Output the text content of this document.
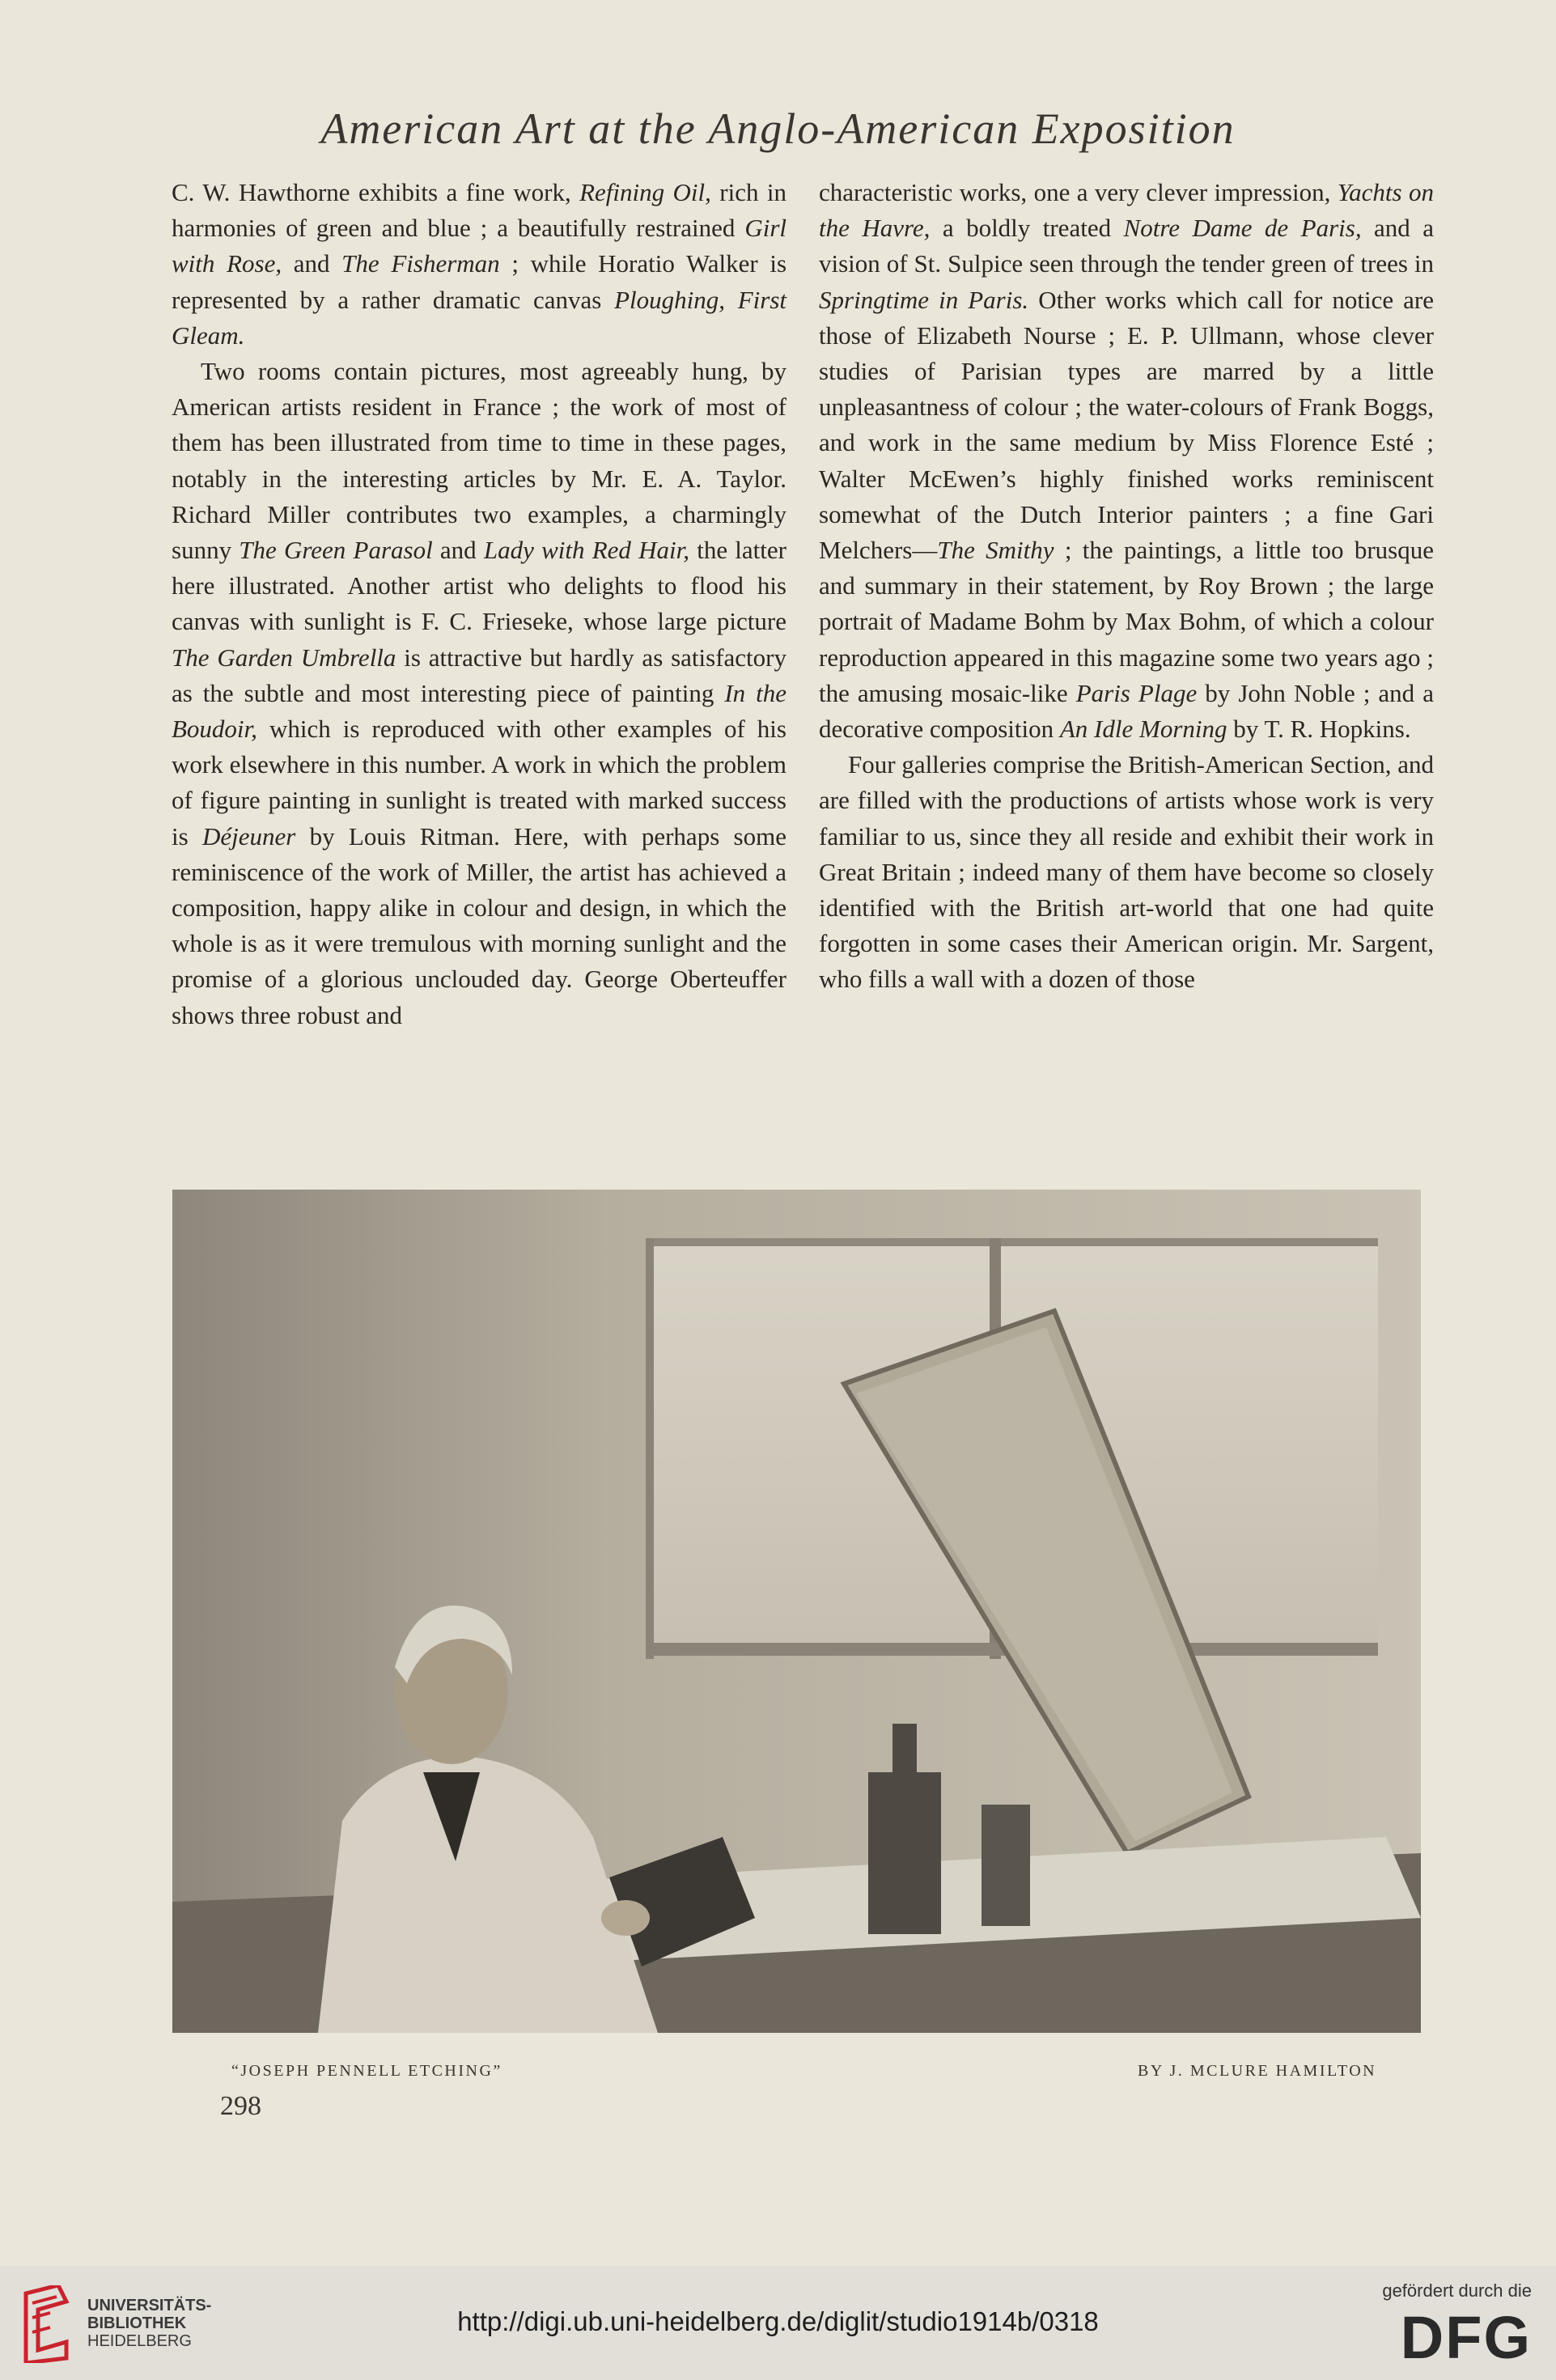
American Art at the Anglo-American Exposition

C. W. Hawthorne exhibits a fine work, Refining Oil, rich in harmonies of green and blue ; a beautifully restrained Girl with Rose, and The Fisherman ; while Horatio Walker is represented by a rather dramatic canvas Ploughing, First Gleam.

Two rooms contain pictures, most agreeably hung, by American artists resident in France ; the work of most of them has been illustrated from time to time in these pages, notably in the interesting articles by Mr. E. A. Taylor. Richard Miller contributes two examples, a charmingly sunny The Green Parasol and Lady with Red Hair, the latter here illustrated. Another artist who delights to flood his canvas with sunlight is F. C. Frieseke, whose large picture The Garden Umbrella is attractive but hardly as satisfactory as the subtle and most interesting piece of painting In the Boudoir, which is reproduced with other examples of his work elsewhere in this number. A work in which the problem of figure painting in sunlight is treated with marked success is Déjeuner by Louis Ritman. Here, with perhaps some reminiscence of the work of Miller, the artist has achieved a composition, happy alike in colour and design, in which the whole is as it were tremulous with morning sunlight and the promise of a glorious unclouded day. George Oberteuffer shows three robust and

characteristic works, one a very clever impression, Yachts on the Havre, a boldly treated Notre Dame de Paris, and a vision of St. Sulpice seen through the tender green of trees in Springtime in Paris. Other works which call for notice are those of Elizabeth Nourse ; E. P. Ullmann, whose clever studies of Parisian types are marred by a little unpleasantness of colour ; the water-colours of Frank Boggs, and work in the same medium by Miss Florence Esté ; Walter McEwen’s highly finished works reminiscent somewhat of the Dutch Interior painters ; a fine Gari Melchers—The Smithy ; the paintings, a little too brusque and summary in their statement, by Roy Brown ; the large portrait of Madame Bohm by Max Bohm, of which a colour reproduction appeared in this magazine some two years ago ; the amusing mosaic-like Paris Plage by John Noble ; and a decorative composition An Idle Morning by T. R. Hopkins.

Four galleries comprise the British-American Section, and are filled with the productions of artists whose work is very familiar to us, since they all reside and exhibit their work in Great Britain ; indeed many of them have become so closely identified with the British art-world that one had quite forgotten in some cases their American origin. Mr. Sargent, who fills a wall with a dozen of those

“JOSEPH PENNELL ETCHING”	BY J. MCLURE HAMILTON
298
UNIVERSITÄTS-
BIBLIOTHEK
HEIDELBERG
http://digi.ub.uni-heidelberg.de/diglit/studio1914b/0318
gefördert durch die
DFG
